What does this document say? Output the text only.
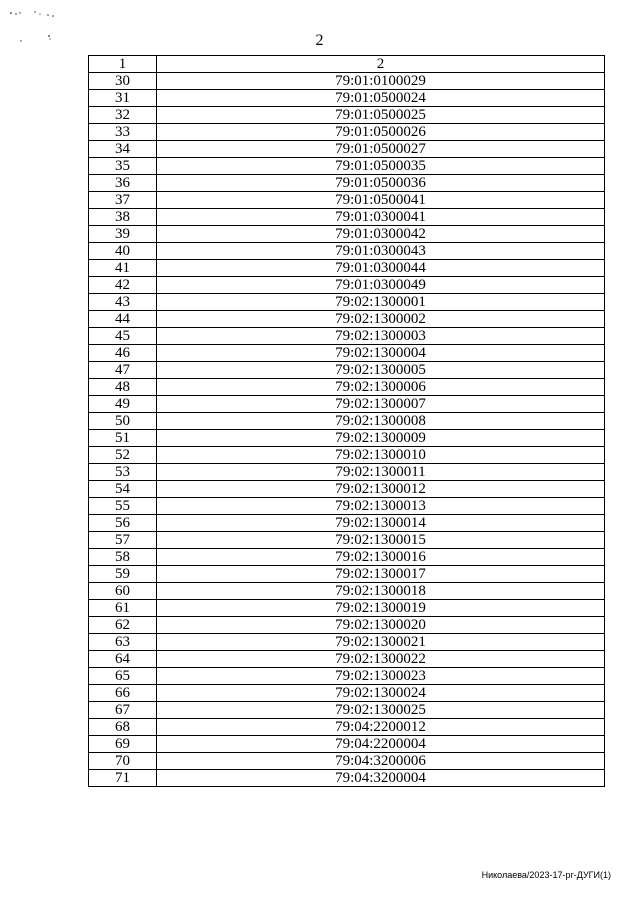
2
1	2
30	79:01:0100029
31	79:01:0500024
32	79:01:0500025
33	79:01:0500026
34	79:01:0500027
35	79:01:0500035
36	79:01:0500036
37	79:01:0500041
38	79:01:0300041
39	79:01:0300042
40	79:01:0300043
41	79:01:0300044
42	79:01:0300049
43	79:02:1300001
44	79:02:1300002
45	79:02:1300003
46	79:02:1300004
47	79:02:1300005
48	79:02:1300006
49	79:02:1300007
50	79:02:1300008
51	79:02:1300009
52	79:02:1300010
53	79:02:1300011
54	79:02:1300012
55	79:02:1300013
56	79:02:1300014
57	79:02:1300015
58	79:02:1300016
59	79:02:1300017
60	79:02:1300018
61	79:02:1300019
62	79:02:1300020
63	79:02:1300021
64	79:02:1300022
65	79:02:1300023
66	79:02:1300024
67	79:02:1300025
68	79:04:2200012
69	79:04:2200004
70	79:04:3200006
71	79:04:3200004
Николаева/2023-17-рг-ДУГИ(1)
